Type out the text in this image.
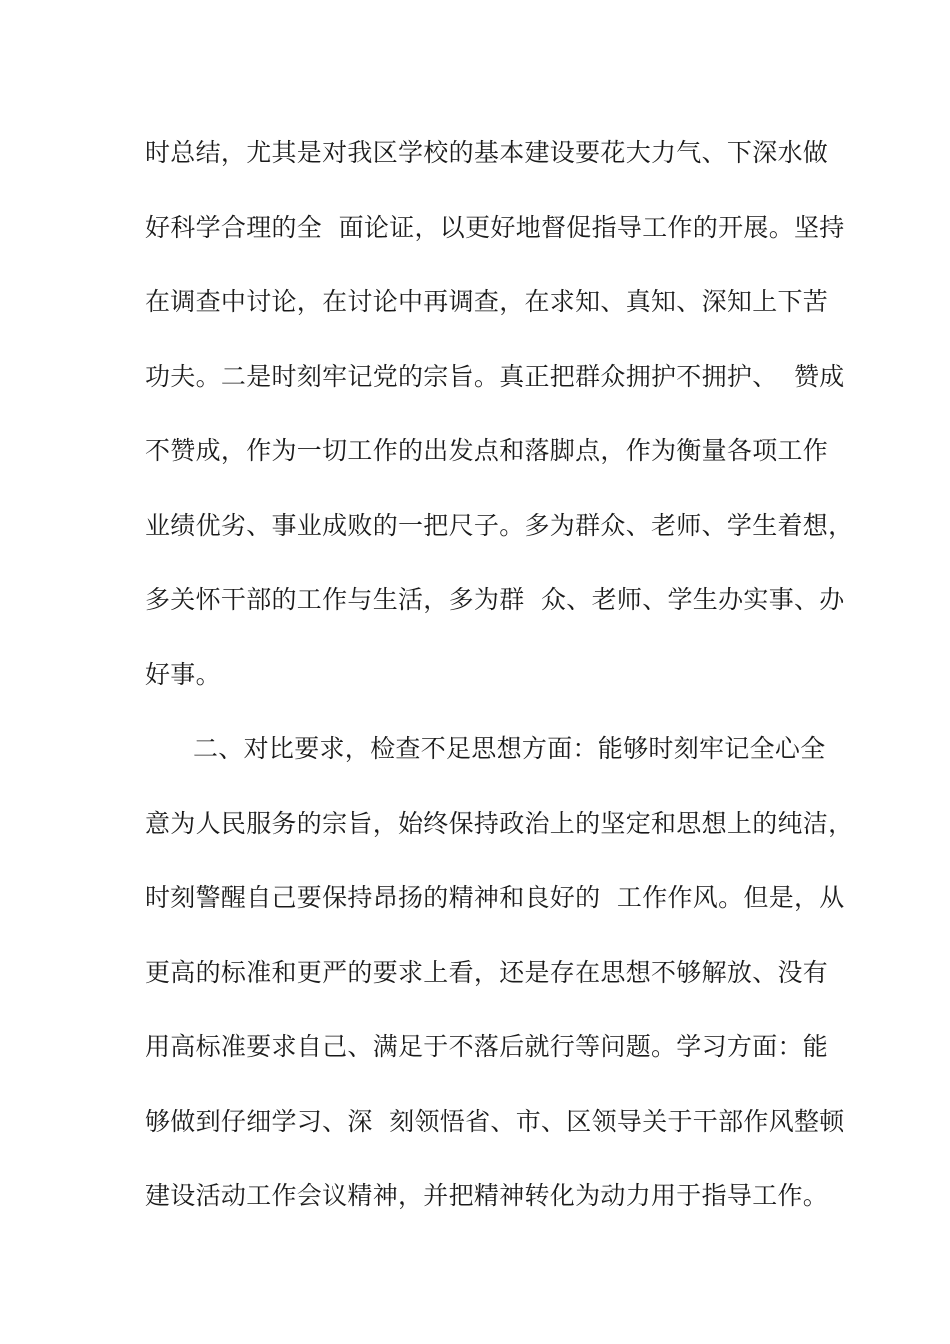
时总结，尤其是对我区学校的基本建设要花大力气、下深水做
好科学合理的全  面论证，以更好地督促指导工作的开展。坚持
在调查中讨论，在讨论中再调查，在求知、真知、深知上下苦
功夫。二是时刻牢记党的宗旨。真正把群众拥护不拥护、  赞成
不赞成，作为一切工作的出发点和落脚点，作为衡量各项工作
业绩优劣、事业成败的一把尺子。多为群众、老师、学生着想，
多关怀干部的工作与生活，多为群  众、老师、学生办实事、办
好事。
二、对比要求，检查不足思想方面：能够时刻牢记全心全
意为人民服务的宗旨，始终保持政治上的坚定和思想上的纯洁，
时刻警醒自己要保持昂扬的精神和良好的  工作作风。但是，从
更高的标准和更严的要求上看，还是存在思想不够解放、没有
用高标准要求自己、满足于不落后就行等问题。学习方面：能
够做到仔细学习、深  刻领悟省、市、区领导关于干部作风整顿
建设活动工作会议精神，并把精神转化为动力用于指导工作。
